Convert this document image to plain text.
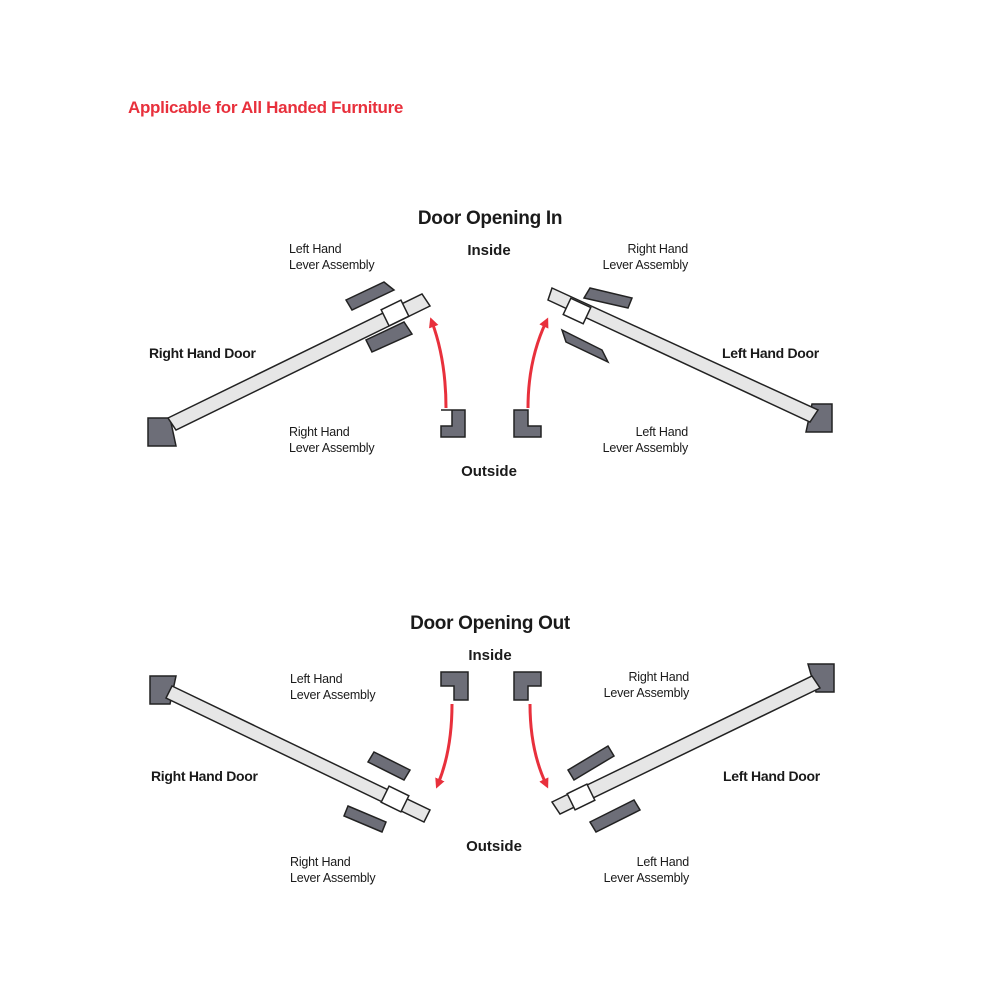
Applicable for All Handed Furniture
Door Opening In
Inside
Outside
Right Hand Door	Left Hand Door
Left Hand
Lever Assembly
Right Hand
Lever Assembly
Right Hand
Lever Assembly
Left Hand
Lever Assembly
Door Opening Out
Inside
Outside
Right Hand Door	Left Hand Door
Left Hand
Lever Assembly
Right Hand
Lever Assembly
Right Hand
Lever Assembly
Left Hand
Lever Assembly
